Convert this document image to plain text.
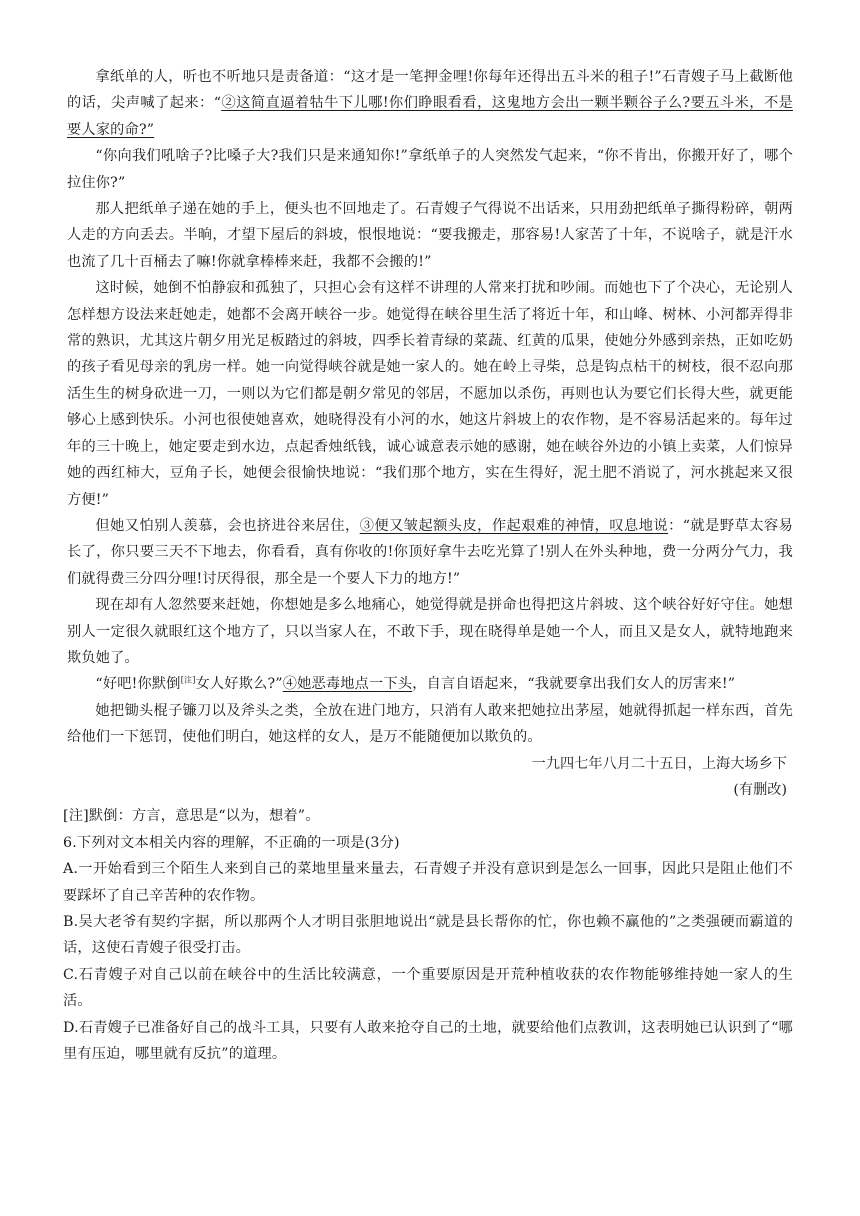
拿纸单的人，听也不听地只是责备道：“这才是一笔押金哩!你每年还得出五斗米的租子!”石青嫂子马上截断他的话，尖声喊了起来：“②这简直逼着牯牛下儿哪!你们睁眼看看，这鬼地方会出一颗半颗谷子么?要五斗米，不是要人家的命?”

“你向我们吼啥子?比嗓子大?我们只是来通知你!”拿纸单子的人突然发气起来，“你不肯出，你搬开好了，哪个拉住你?”

那人把纸单子递在她的手上，便头也不回地走了。石青嫂子气得说不出话来，只用劲把纸单子撕得粉碎，朝两人走的方向丢去。半晌，才望下屋后的斜坡，恨恨地说：“要我搬走，那容易!人家苦了十年，不说啥子，就是汗水也流了几十百桶去了嘛!你就拿棒棒来赶，我都不会搬的!”

这时候，她倒不怕静寂和孤独了，只担心会有这样不讲理的人常来打扰和吵闹。而她也下了个决心，无论别人怎样想方设法来赶她走，她都不会离开峡谷一步。她觉得在峡谷里生活了将近十年，和山峰、树林、小河都弄得非常的熟识，尤其这片朝夕用光足板踏过的斜坡，四季长着青绿的菜蔬、红黄的瓜果，使她分外感到亲热，正如吃奶的孩子看见母亲的乳房一样。她一向觉得峡谷就是她一家人的。她在岭上寻柴，总是钩点枯干的树枝，很不忍向那活生生的树身砍进一刀，一则以为它们都是朝夕常见的邻居，不愿加以杀伤，再则也认为要它们长得大些，就更能够心上感到快乐。小河也很使她喜欢，她晓得没有小河的水，她这片斜坡上的农作物，是不容易活起来的。每年过年的三十晚上，她定要走到水边，点起香烛纸钱，诚心诚意表示她的感谢，她在峡谷外边的小镇上卖菜，人们惊异她的西红柿大，豆角子长，她便会很愉快地说：“我们那个地方，实在生得好，泥土肥不消说了，河水挑起来又很方便!”

但她又怕别人羡慕，会也挤进谷来居住，③便又皱起额头皮，作起艰难的神情，叹息地说：“就是野草太容易长了，你只要三天不下地去，你看看，真有你收的!你顶好拿牛去吃光算了!别人在外头种地，费一分两分气力，我们就得费三分四分哩!讨厌得很，那全是一个要人下力的地方!”

现在却有人忽然要来赶她，你想她是多么地痛心，她觉得就是拼命也得把这片斜坡、这个峡谷好好守住。她想别人一定很久就眼红这个地方了，只以当家人在，不敢下手，现在晓得单是她一个人，而且又是女人，就特地跑来欺负她了。

“好吧!你默倒[注]女人好欺么?”④她恶毒地点一下头，自言自语起来，“我就要拿出我们女人的厉害来!”

她把锄头棍子镰刀以及斧头之类，全放在进门地方，只消有人敢来把她拉出茅屋，她就得抓起一样东西，首先给他们一下惩罚，使他们明白，她这样的女人，是万不能随便加以欺负的。

一九四七年八月二十五日，上海大场乡下

(有删改)

[注]默倒：方言，意思是“以为，想着”。

6.下列对文本相关内容的理解，不正确的一项是(3分)

A.一开始看到三个陌生人来到自己的菜地里量来量去，石青嫂子并没有意识到是怎么一回事，因此只是阻止他们不要踩坏了自己辛苦种的农作物。

B.吴大老爷有契约字据，所以那两个人才明目张胆地说出“就是县长帮你的忙，你也赖不赢他的”之类强硬而霸道的话，这使石青嫂子很受打击。

C.石青嫂子对自己以前在峡谷中的生活比较满意，一个重要原因是开荒种植收获的农作物能够维持她一家人的生活。

D.石青嫂子已准备好自己的战斗工具，只要有人敢来抢夺自己的土地，就要给他们点教训，这表明她已认识到了“哪里有压迫，哪里就有反抗”的道理。
